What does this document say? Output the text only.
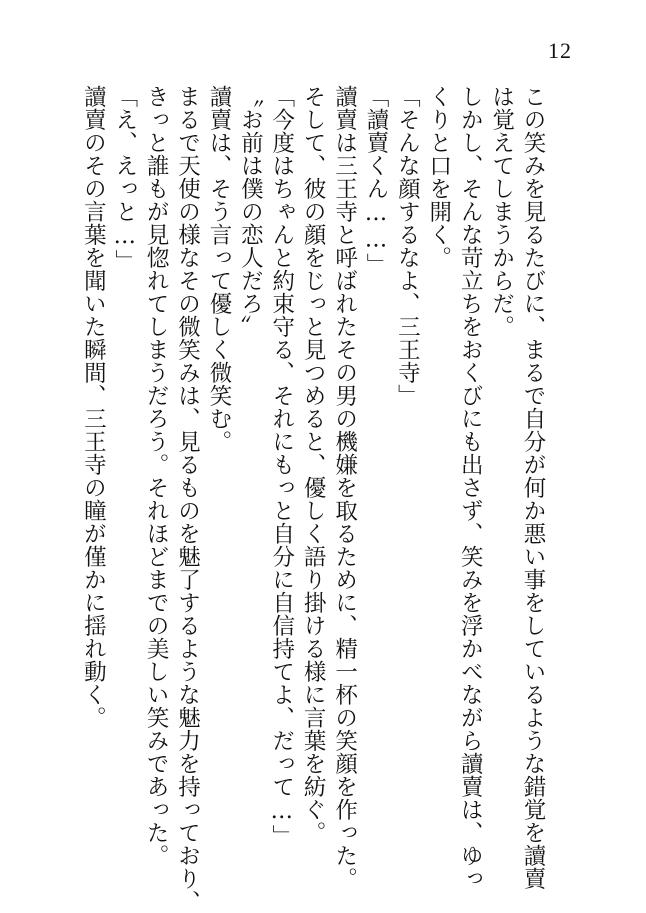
12
この笑みを見るたびに、まるで自分が何か悪い事をしているような錯覚を讀賣
は覚えてしまうからだ。
しかし、そんな苛立ちをおくびにも出さず、笑みを浮かべながら讀賣は、ゆっ
くりと口を開く。
「そんな顔するなよ、三王寺」
「讀賣くん……」
讀賣は三王寺と呼ばれたその男の機嫌を取るために、精一杯の笑顔を作った。
そして、彼の顔をじっと見つめると、優しく語り掛ける様に言葉を紡ぐ。
「今度はちゃんと約束守る、それにもっと自分に自信持てよ、だって…」
〝お前は僕の恋人だろ〟
讀賣は、そう言って優しく微笑む。
まるで天使の様なその微笑みは、見るものを魅了するような魅力を持っており、
きっと誰もが見惚れてしまうだろう。それほどまでの美しい笑みであった。
「え、えっと…」
讀賣のその言葉を聞いた瞬間、三王寺の瞳が僅かに揺れ動く。
